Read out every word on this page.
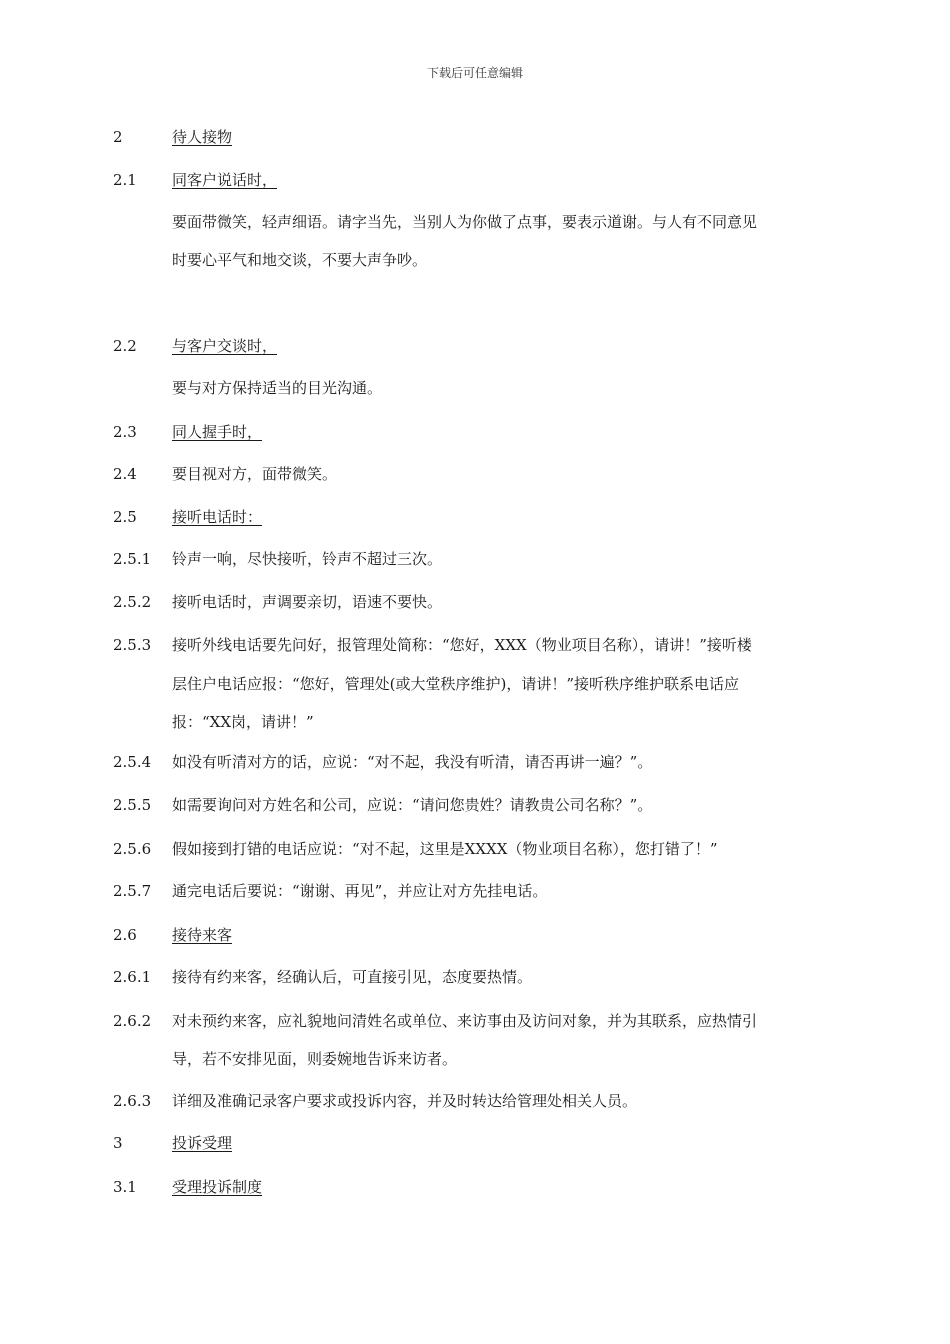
下载后可任意编辑
2	待人接物
2.1 同客户说话时，
要面带微笑，轻声细语。请字当先，当别人为你做了点事，要表示道谢。与人有不同意见
时要心平气和地交谈，不要大声争吵。
2.2 与客户交谈时，
要与对方保持适当的目光沟通。
2.3 同人握手时，
2.4 要目视对方，面带微笑。
2.5 接听电话时：
2.5.1 铃声一响，尽快接听，铃声不超过三次。
2.5.2 接听电话时，声调要亲切，语速不要快。
2.5.3 接听外线电话要先问好，报管理处简称：“您好，XXX（物业项目名称），请讲！”接听楼
层住户电话应报：“您好，管理处(或大堂秩序维护)，请讲！”接听秩序维护联系电话应
报：“XX岗，请讲！”
2.5.4 如没有听清对方的话，应说：“对不起，我没有听清，请否再讲一遍？”。
2.5.5 如需要询问对方姓名和公司，应说：“请问您贵姓？请教贵公司名称？”。
2.5.6 假如接到打错的电话应说：“对不起，这里是XXXX（物业项目名称），您打错了！”
2.5.7 通完电话后要说：“谢谢、再见”，并应让对方先挂电话。
2.6 接待来客
2.6.1 接待有约来客，经确认后，可直接引见，态度要热情。
2.6.2 对未预约来客，应礼貌地问清姓名或单位、来访事由及访问对象，并为其联系，应热情引
导，若不安排见面，则委婉地告诉来访者。
2.6.3 详细及准确记录客户要求或投诉内容，并及时转达给管理处相关人员。
3	投诉受理
3.1 受理投诉制度
